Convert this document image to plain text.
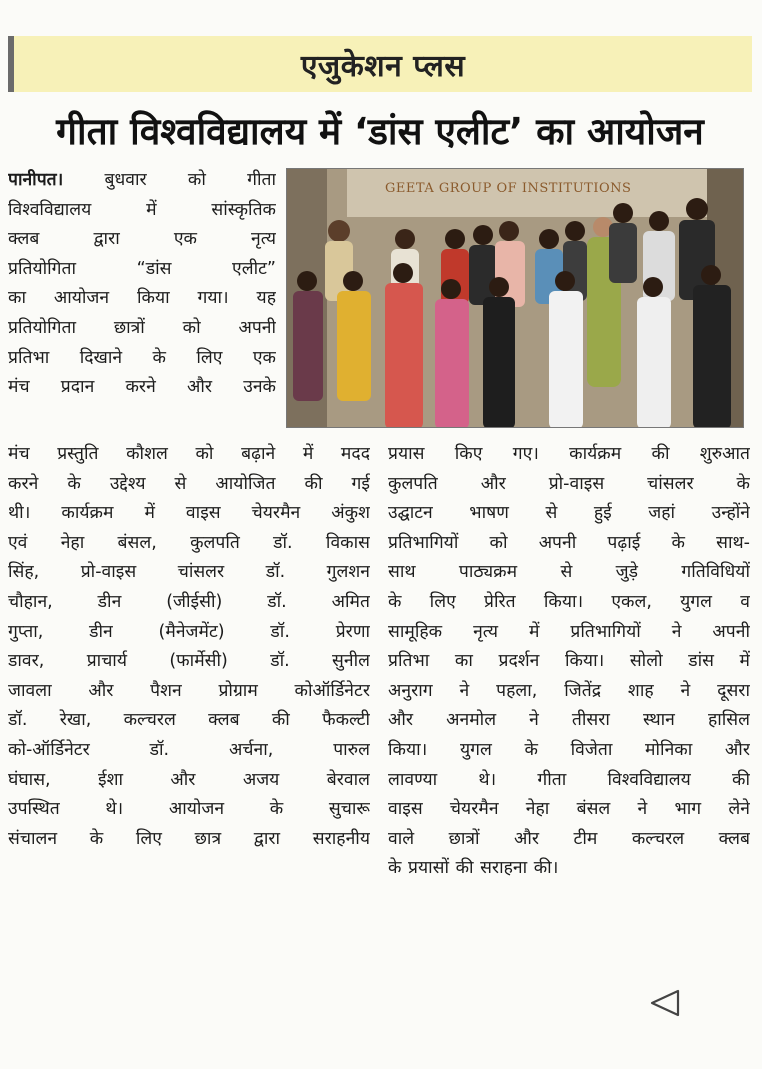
एजुकेशन प्लस
गीता विश्वविद्यालय में ‘डांस एलीट’ का आयोजन
पानीपत। बुधवार को गीता
विश्वविद्यालय में सांस्कृतिक
क्लब द्वारा एक नृत्य
प्रतियोगिता “डांस एलीट”
का आयोजन किया गया। यह
प्रतियोगिता छात्रों को अपनी
प्रतिभा दिखाने के लिए एक
मंच प्रदान करने और उनके
GEETA GROUP OF INSTITUTIONS
मंच प्रस्तुति कौशल को बढ़ाने में मदद
करने के उद्देश्य से आयोजित की गई
थी। कार्यक्रम में वाइस चेयरमैन अंकुश
एवं नेहा बंसल, कुलपति डॉ. विकास
सिंह, प्रो-वाइस चांसलर डॉ. गुलशन
चौहान, डीन (जीईसी) डॉ. अमित
गुप्ता, डीन (मैनेजमेंट) डॉ. प्रेरणा
डावर, प्राचार्य (फार्मेसी) डॉ. सुनील
जावला और पैशन प्रोग्राम कोऑर्डिनेटर
डॉ. रेखा, कल्चरल क्लब की फैकल्टी
को-ऑर्डिनेटर डॉ. अर्चना, पारुल
घंघास, ईशा और अजय बेरवाल
उपस्थित थे। आयोजन के सुचारू
संचालन के लिए छात्र द्वारा सराहनीय
प्रयास किए गए। कार्यक्रम की शुरुआत
कुलपति और प्रो-वाइस चांसलर के
उद्घाटन भाषण से हुई जहां उन्होंने
प्रतिभागियों को अपनी पढ़ाई के साथ-
साथ पाठ्यक्रम से जुड़े गतिविधियों
के लिए प्रेरित किया। एकल, युगल व
सामूहिक नृत्य में प्रतिभागियों ने अपनी
प्रतिभा का प्रदर्शन किया। सोलो डांस में
अनुराग ने पहला, जितेंद्र शाह ने दूसरा
और अनमोल ने तीसरा स्थान हासिल
किया। युगल के विजेता मोनिका और
लावण्या थे। गीता विश्वविद्यालय की
वाइस चेयरमैन नेहा बंसल ने भाग लेने
वाले छात्रों और टीम कल्चरल क्लब
के प्रयासों की सराहना की।
